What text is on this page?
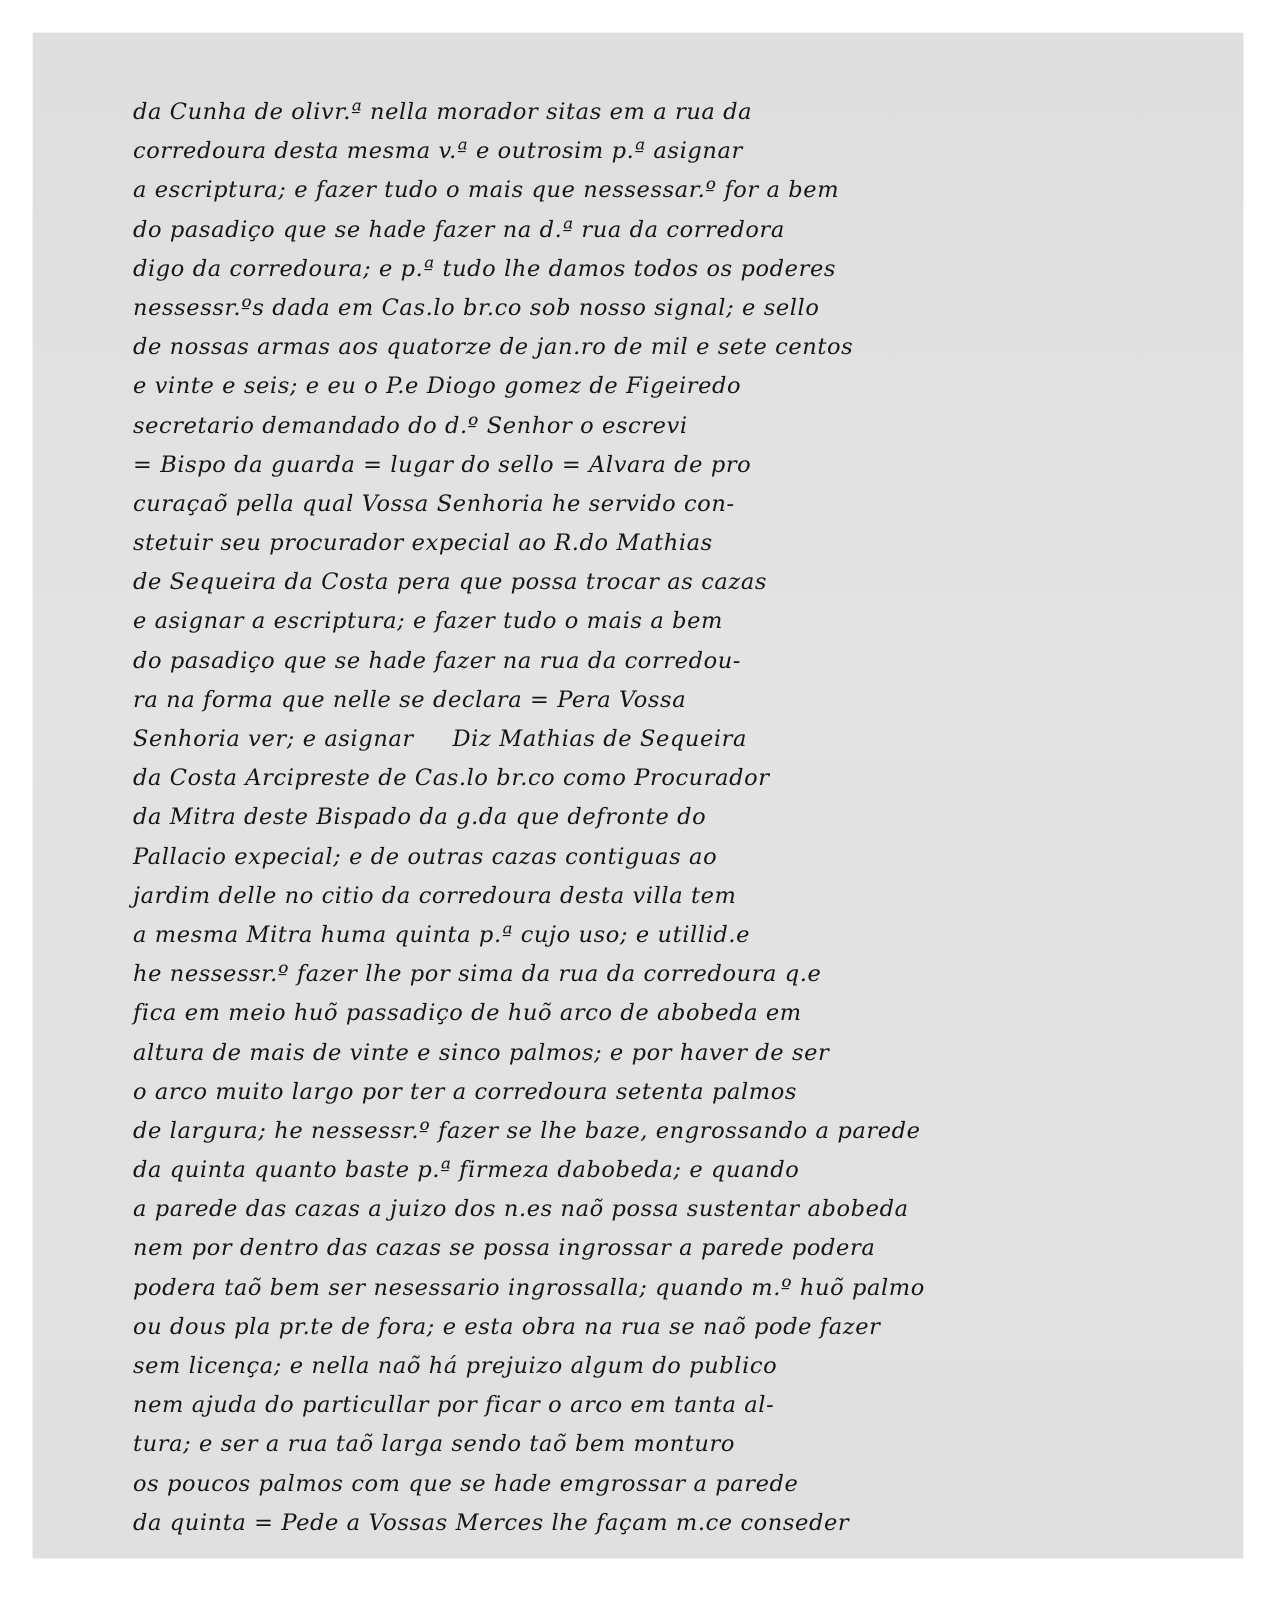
da Cunha de olivr.ª nella morador sitas em a rua da
corredoura desta mesma v.ª e outrosim p.ª asignar
a escriptura; e fazer tudo o mais que nessessar.º for a bem
do pasadiço que se hade fazer na d.ª rua da corredora
digo da corredoura; e p.ª tudo lhe damos todos os poderes
nessessr.ºs dada em Cas.lo br.co sob nosso signal; e sello
de nossas armas aos quatorze de jan.ro de mil e sete centos
e vinte e seis; e eu o P.e Diogo gomez de Figeiredo
secretario demandado do d.º Senhor o escrevi
= Bispo da guarda = lugar do sello = Alvara de pro
curaçaõ pella qual Vossa Senhoria he servido con-
stetuir seu procurador expecial ao R.do Mathias
de Sequeira da Costa pera que possa trocar as cazas
e asignar a escriptura; e fazer tudo o mais a bem
do pasadiço que se hade fazer na rua da corredou-
ra na forma que nelle se declara = Pera Vossa
Senhoria ver; e asignar     Diz Mathias de Sequeira
da Costa Arcipreste de Cas.lo br.co como Procurador
da Mitra deste Bispado da g.da que defronte do
Pallacio expecial; e de outras cazas contiguas ao
jardim delle no citio da corredoura desta villa tem
a mesma Mitra huma quinta p.ª cujo uso; e utillid.e
he nessessr.º fazer lhe por sima da rua da corredoura q.e
fica em meio huõ passadiço de huõ arco de abobeda em
altura de mais de vinte e sinco palmos; e por haver de ser
o arco muito largo por ter a corredoura setenta palmos
de largura; he nessessr.º fazer se lhe baze, engrossando a parede
da quinta quanto baste p.ª firmeza dabobeda; e quando
a parede das cazas a juizo dos n.es naõ possa sustentar abobeda
nem por dentro das cazas se possa ingrossar a parede podera
podera taõ bem ser nesessario ingrossalla; quando m.º huõ palmo
ou dous pla pr.te de fora; e esta obra na rua se naõ pode fazer
sem licença; e nella naõ há prejuizo algum do publico
nem ajuda do particullar por ficar o arco em tanta al-
tura; e ser a rua taõ larga sendo taõ bem monturo
os poucos palmos com que se hade emgrossar a parede
da quinta = Pede a Vossas Merces lhe façam m.ce conseder
